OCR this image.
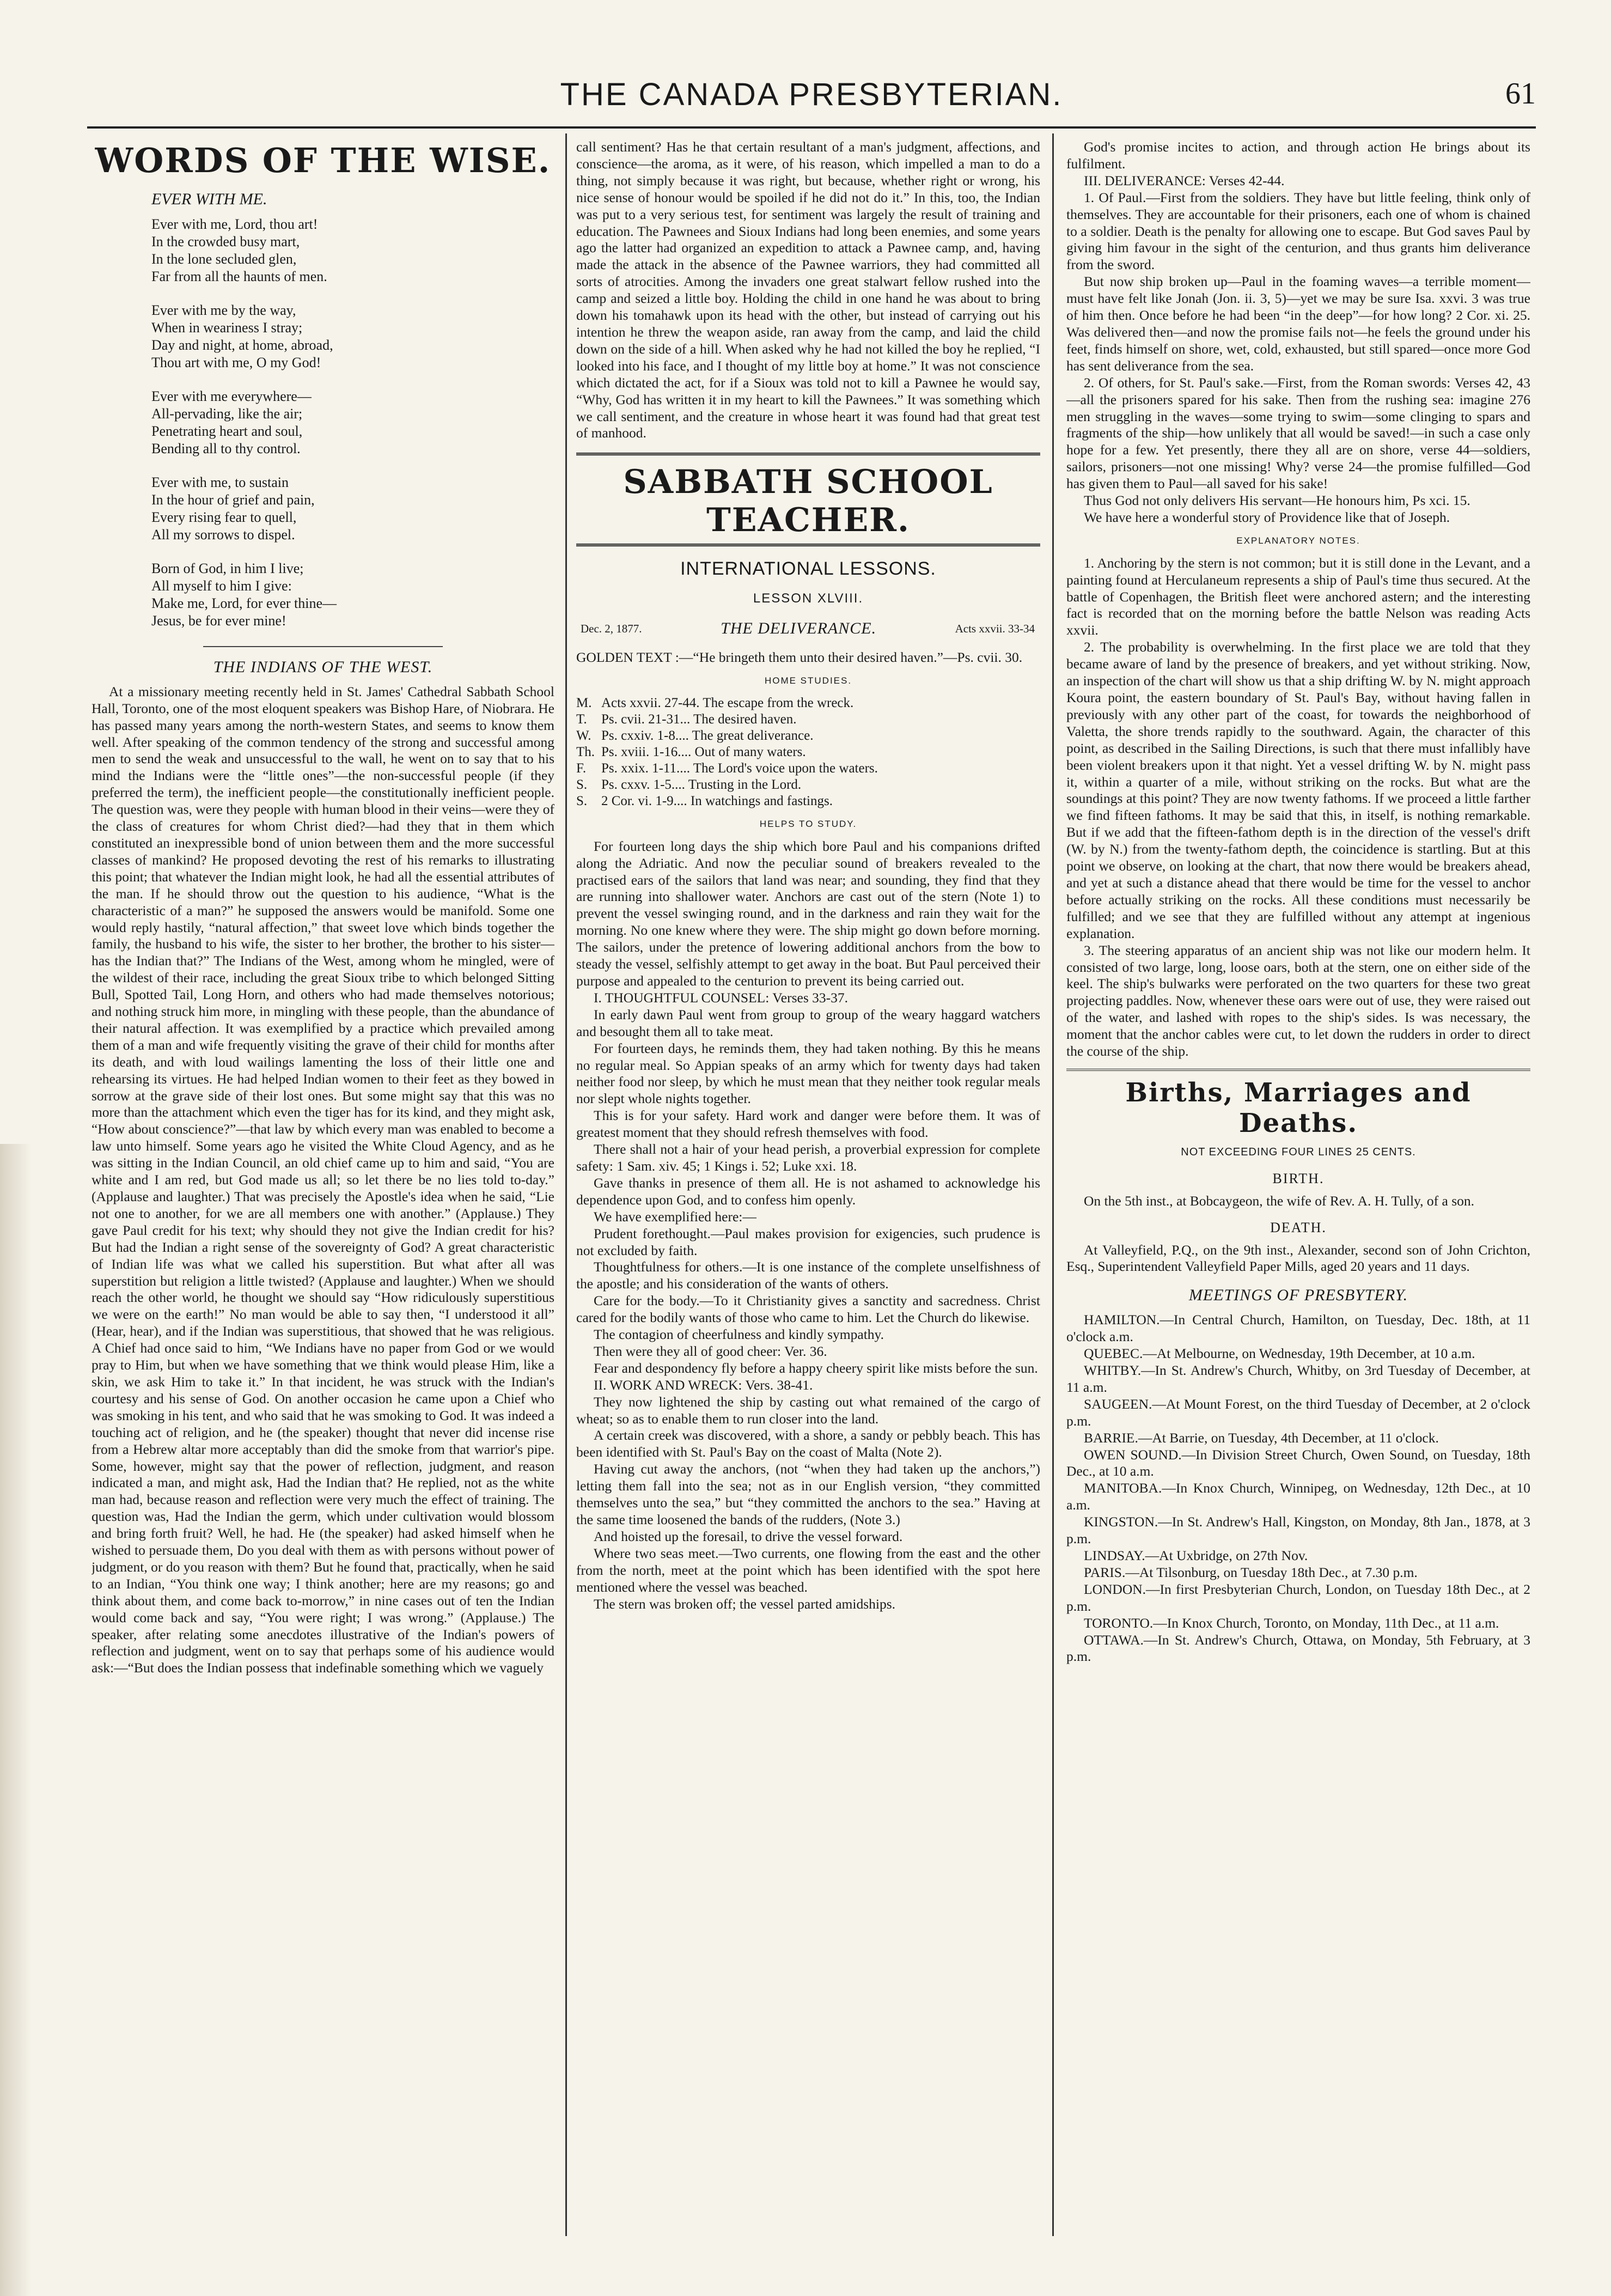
THE CANADA PRESBYTERIAN.	61
WORDS OF THE WISE.
EVER WITH ME.
Ever with me, Lord, thou art!
In the crowded busy mart,
In the lone secluded glen,
Far from all the haunts of men.
Ever with me by the way,
When in weariness I stray;
Day and night, at home, abroad,
Thou art with me, O my God!
Ever with me everywhere—
All-pervading, like the air;
Penetrating heart and soul,
Bending all to thy control.
Ever with me, to sustain
In the hour of grief and pain,
Every rising fear to quell,
All my sorrows to dispel.
Born of God, in him I live;
All myself to him I give:
Make me, Lord, for ever thine—
Jesus, be for ever mine!
THE INDIANS OF THE WEST.

At a missionary meeting recently held in St. James' Cathedral Sabbath School Hall, Toronto, one of the most eloquent speakers was Bishop Hare, of Niobrara. He has passed many years among the north-western States, and seems to know them well. After speaking of the common tendency of the strong and successful among men to send the weak and unsuccessful to the wall, he went on to say that to his mind the Indians were the “little ones”—the non-successful people (if they preferred the term), the inefficient people—the constitutionally inefficient people. The question was, were they people with human blood in their veins—were they of the class of creatures for whom Christ died?—had they that in them which constituted an inexpressible bond of union between them and the more successful classes of mankind? He proposed devoting the rest of his remarks to illustrating this point; that whatever the Indian might look, he had all the essential attributes of the man. If he should throw out the question to his audience, “What is the characteristic of a man?” he supposed the answers would be manifold. Some one would reply hastily, “natural affection,” that sweet love which binds together the family, the husband to his wife, the sister to her brother, the brother to his sister—has the Indian that?” The Indians of the West, among whom he mingled, were of the wildest of their race, including the great Sioux tribe to which belonged Sitting Bull, Spotted Tail, Long Horn, and others who had made themselves notorious; and nothing struck him more, in mingling with these people, than the abundance of their natural affection. It was exemplified by a practice which prevailed among them of a man and wife frequently visiting the grave of their child for months after its death, and with loud wailings lamenting the loss of their little one and rehearsing its virtues. He had helped Indian women to their feet as they bowed in sorrow at the grave side of their lost ones. But some might say that this was no more than the attachment which even the tiger has for its kind, and they might ask, “How about conscience?”—that law by which every man was enabled to become a law unto himself. Some years ago he visited the White Cloud Agency, and as he was sitting in the Indian Council, an old chief came up to him and said, “You are white and I am red, but God made us all; so let there be no lies told to-day.” (Applause and laughter.) That was precisely the Apostle's idea when he said, “Lie not one to another, for we are all members one with another.” (Applause.) They gave Paul credit for his text; why should they not give the Indian credit for his? But had the Indian a right sense of the sovereignty of God? A great characteristic of Indian life was what we called his superstition. But what after all was superstition but religion a little twisted? (Applause and laughter.) When we should reach the other world, he thought we should say “How ridiculously superstitious we were on the earth!” No man would be able to say then, “I understood it all” (Hear, hear), and if the Indian was superstitious, that showed that he was religious. A Chief had once said to him, “We Indians have no paper from God or we would pray to Him, but when we have something that we think would please Him, like a skin, we ask Him to take it.” In that incident, he was struck with the Indian's courtesy and his sense of God. On another occasion he came upon a Chief who was smoking in his tent, and who said that he was smoking to God. It was indeed a touching act of religion, and he (the speaker) thought that never did incense rise from a Hebrew altar more acceptably than did the smoke from that warrior's pipe. Some, however, might say that the power of reflection, judgment, and reason indicated a man, and might ask, Had the Indian that? He replied, not as the white man had, because reason and reflection were very much the effect of training. The question was, Had the Indian the germ, which under cultivation would blossom and bring forth fruit? Well, he had. He (the speaker) had asked himself when he wished to persuade them, Do you deal with them as with persons without power of judgment, or do you reason with them? But he found that, practically, when he said to an Indian, “You think one way; I think another; here are my reasons; go and think about them, and come back to-morrow,” in nine cases out of ten the Indian would come back and say, “You were right; I was wrong.” (Applause.) The speaker, after relating some anecdotes illustrative of the Indian's powers of reflection and judgment, went on to say that perhaps some of his audience would ask:—“But does the Indian possess that indefinable something which we vaguely

call sentiment? Has he that certain resultant of a man's judgment, affections, and conscience—the aroma, as it were, of his reason, which impelled a man to do a thing, not simply because it was right, but because, whether right or wrong, his nice sense of honour would be spoiled if he did not do it.” In this, too, the Indian was put to a very serious test, for sentiment was largely the result of training and education. The Pawnees and Sioux Indians had long been enemies, and some years ago the latter had organized an expedition to attack a Pawnee camp, and, having made the attack in the absence of the Pawnee warriors, they had committed all sorts of atrocities. Among the invaders one great stalwart fellow rushed into the camp and seized a little boy. Holding the child in one hand he was about to bring down his tomahawk upon its head with the other, but instead of carrying out his intention he threw the weapon aside, ran away from the camp, and laid the child down on the side of a hill. When asked why he had not killed the boy he replied, “I looked into his face, and I thought of my little boy at home.” It was not conscience which dictated the act, for if a Sioux was told not to kill a Pawnee he would say, “Why, God has written it in my heart to kill the Pawnees.” It was something which we call sentiment, and the creature in whose heart it was found had that great test of manhood.

SABBATH SCHOOL TEACHER.
INTERNATIONAL LESSONS.
LESSON XLVIII.
Dec. 2, 1877.	THE DELIVERANCE.	Acts xxvii. 33-34

GOLDEN TEXT :—“He bringeth them unto their desired haven.”—Ps. cvii. 30.

HOME STUDIES.
M. Acts xxvii. 27-44. The escape from the wreck.
T.	Ps. cvii. 21-31... The desired haven.
W. Ps. cxxiv. 1-8.... The great deliverance.
Th. Ps. xviii. 1-16.... Out of many waters.
F.	Ps. xxix. 1-11.... The Lord's voice upon the waters.
S.	Ps. cxxv. 1-5.... Trusting in the Lord.
S.	2 Cor. vi. 1-9.... In watchings and fastings.
HELPS TO STUDY.

For fourteen long days the ship which bore Paul and his companions drifted along the Adriatic. And now the peculiar sound of breakers revealed to the practised ears of the sailors that land was near; and sounding, they find that they are running into shallower water. Anchors are cast out of the stern (Note 1) to prevent the vessel swinging round, and in the darkness and rain they wait for the morning. No one knew where they were. The ship might go down before morning. The sailors, under the pretence of lowering additional anchors from the bow to steady the vessel, selfishly attempt to get away in the boat. But Paul perceived their purpose and appealed to the centurion to prevent its being carried out.

I. THOUGHTFUL COUNSEL: Verses 33-37.

In early dawn Paul went from group to group of the weary haggard watchers and besought them all to take meat.

For fourteen days, he reminds them, they had taken nothing. By this he means no regular meal. So Appian speaks of an army which for twenty days had taken neither food nor sleep, by which he must mean that they neither took regular meals nor slept whole nights together.

This is for your safety. Hard work and danger were before them. It was of greatest moment that they should refresh themselves with food.

There shall not a hair of your head perish, a proverbial expression for complete safety: 1 Sam. xiv. 45; 1 Kings i. 52; Luke xxi. 18.

Gave thanks in presence of them all. He is not ashamed to acknowledge his dependence upon God, and to confess him openly.

We have exemplified here:—

Prudent forethought.—Paul makes provision for exigencies, such prudence is not excluded by faith.

Thoughtfulness for others.—It is one instance of the complete unselfishness of the apostle; and his consideration of the wants of others.

Care for the body.—To it Christianity gives a sanctity and sacredness. Christ cared for the bodily wants of those who came to him. Let the Church do likewise.

The contagion of cheerfulness and kindly sympathy.

Then were they all of good cheer: Ver. 36.

Fear and despondency fly before a happy cheery spirit like mists before the sun.

II. WORK AND WRECK: Vers. 38-41.

They now lightened the ship by casting out what remained of the cargo of wheat; so as to enable them to run closer into the land.

A certain creek was discovered, with a shore, a sandy or pebbly beach. This has been identified with St. Paul's Bay on the coast of Malta (Note 2).

Having cut away the anchors, (not “when they had taken up the anchors,”) letting them fall into the sea; not as in our English version, “they committed themselves unto the sea,” but “they committed the anchors to the sea.” Having at the same time loosened the bands of the rudders, (Note 3.)

And hoisted up the foresail, to drive the vessel forward.

Where two seas meet.—Two currents, one flowing from the east and the other from the north, meet at the point which has been identified with the spot here mentioned where the vessel was beached.

The stern was broken off; the vessel parted amidships.

God's promise incites to action, and through action He brings about its fulfilment.

III. DELIVERANCE: Verses 42-44.

1. Of Paul.—First from the soldiers. They have but little feeling, think only of themselves. They are accountable for their prisoners, each one of whom is chained to a soldier. Death is the penalty for allowing one to escape. But God saves Paul by giving him favour in the sight of the centurion, and thus grants him deliverance from the sword.

But now ship broken up—Paul in the foaming waves—a terrible moment—must have felt like Jonah (Jon. ii. 3, 5)—yet we may be sure Isa. xxvi. 3 was true of him then. Once before he had been “in the deep”—for how long? 2 Cor. xi. 25. Was delivered then—and now the promise fails not—he feels the ground under his feet, finds himself on shore, wet, cold, exhausted, but still spared—once more God has sent deliverance from the sea.

2. Of others, for St. Paul's sake.—First, from the Roman swords: Verses 42, 43—all the prisoners spared for his sake. Then from the rushing sea: imagine 276 men struggling in the waves—some trying to swim—some clinging to spars and fragments of the ship—how unlikely that all would be saved!—in such a case only hope for a few. Yet presently, there they all are on shore, verse 44—soldiers, sailors, prisoners—not one missing! Why? verse 24—the promise fulfilled—God has given them to Paul—all saved for his sake!

Thus God not only delivers His servant—He honours him, Ps xci. 15.

We have here a wonderful story of Providence like that of Joseph.

EXPLANATORY NOTES.

1. Anchoring by the stern is not common; but it is still done in the Levant, and a painting found at Herculaneum represents a ship of Paul's time thus secured. At the battle of Copenhagen, the British fleet were anchored astern; and the interesting fact is recorded that on the morning before the battle Nelson was reading Acts xxvii.

2. The probability is overwhelming. In the first place we are told that they became aware of land by the presence of breakers, and yet without striking. Now, an inspection of the chart will show us that a ship drifting W. by N. might approach Koura point, the eastern boundary of St. Paul's Bay, without having fallen in previously with any other part of the coast, for towards the neighborhood of Valetta, the shore trends rapidly to the southward. Again, the character of this point, as described in the Sailing Directions, is such that there must infallibly have been violent breakers upon it that night. Yet a vessel drifting W. by N. might pass it, within a quarter of a mile, without striking on the rocks. But what are the soundings at this point? They are now twenty fathoms. If we proceed a little farther we find fifteen fathoms. It may be said that this, in itself, is nothing remarkable. But if we add that the fifteen-fathom depth is in the direction of the vessel's drift (W. by N.) from the twenty-fathom depth, the coincidence is startling. But at this point we observe, on looking at the chart, that now there would be breakers ahead, and yet at such a distance ahead that there would be time for the vessel to anchor before actually striking on the rocks. All these conditions must necessarily be fulfilled; and we see that they are fulfilled without any attempt at ingenious explanation.

3. The steering apparatus of an ancient ship was not like our modern helm. It consisted of two large, long, loose oars, both at the stern, one on either side of the keel. The ship's bulwarks were perforated on the two quarters for these two great projecting paddles. Now, whenever these oars were out of use, they were raised out of the water, and lashed with ropes to the ship's sides. Is was necessary, the moment that the anchor cables were cut, to let down the rudders in order to direct the course of the ship.

Births, Marriages and Deaths.
NOT EXCEEDING FOUR LINES 25 CENTS.
BIRTH.

On the 5th inst., at Bobcaygeon, the wife of Rev. A. H. Tully, of a son.

DEATH.

At Valleyfield, P.Q., on the 9th inst., Alexander, second son of John Crichton, Esq., Superintendent Valleyfield Paper Mills, aged 20 years and 11 days.

MEETINGS OF PRESBYTERY.

HAMILTON.—In Central Church, Hamilton, on Tuesday, Dec. 18th, at 11 o'clock a.m.

QUEBEC.—At Melbourne, on Wednesday, 19th December, at 10 a.m.

WHITBY.—In St. Andrew's Church, Whitby, on 3rd Tuesday of December, at 11 a.m.

SAUGEEN.—At Mount Forest, on the third Tuesday of December, at 2 o'clock p.m.

BARRIE.—At Barrie, on Tuesday, 4th December, at 11 o'clock.

OWEN SOUND.—In Division Street Church, Owen Sound, on Tuesday, 18th Dec., at 10 a.m.

MANITOBA.—In Knox Church, Winnipeg, on Wednesday, 12th Dec., at 10 a.m.

KINGSTON.—In St. Andrew's Hall, Kingston, on Monday, 8th Jan., 1878, at 3 p.m.

LINDSAY.—At Uxbridge, on 27th Nov.

PARIS.—At Tilsonburg, on Tuesday 18th Dec., at 7.30 p.m.

LONDON.—In first Presbyterian Church, London, on Tuesday 18th Dec., at 2 p.m.

TORONTO.—In Knox Church, Toronto, on Monday, 11th Dec., at 11 a.m.

OTTAWA.—In St. Andrew's Church, Ottawa, on Monday, 5th February, at 3 p.m.
